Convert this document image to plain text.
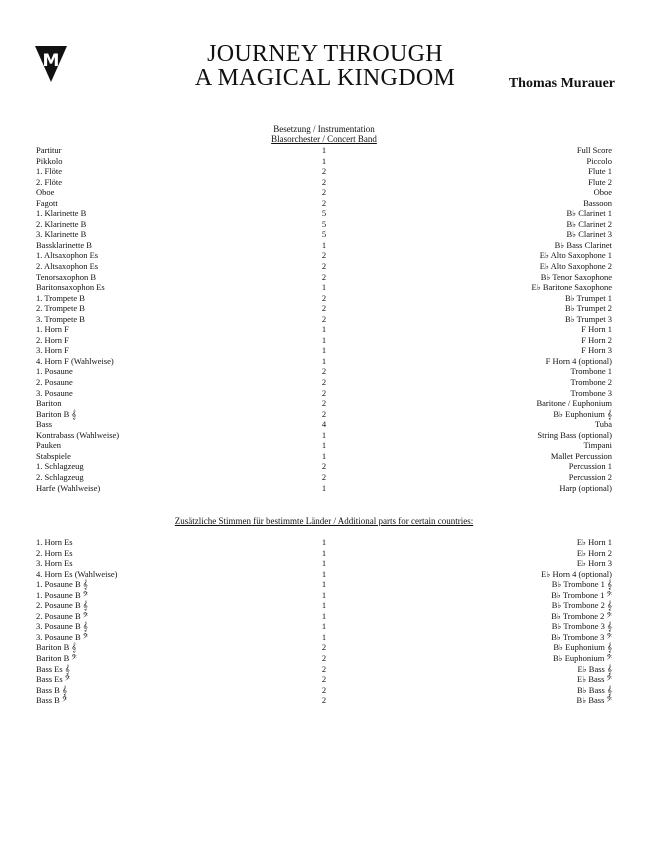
M	JOURNEY THROUGH
A MAGICAL KINGDOM	Thomas Murauer
Besetzung / Instrumentation
Blasorchester / Concert Band
Partitur	1	Full Score
Pikkolo	1	Piccolo
1. Flöte	2	Flute 1
2. Flöte	2	Flute 2
Oboe	2	Oboe
Fagott	2	Bassoon
1. Klarinette B	5	B♭ Clarinet 1
2. Klarinette B	5	B♭ Clarinet 2
3. Klarinette B	5	B♭ Clarinet 3
Bassklarinette B	1	B♭ Bass Clarinet
1. Altsaxophon Es	2	E♭ Alto Saxophone 1
2. Altsaxophon Es	2	E♭ Alto Saxophone 2
Tenorsaxophon B	2	B♭ Tenor Saxophone
Baritonsaxophon Es	1	E♭ Baritone Saxophone
1. Trompete B	2	B♭ Trumpet 1
2. Trompete B	2	B♭ Trumpet 2
3. Trompete B	2	B♭ Trumpet 3
1. Horn F	1	F Horn 1
2. Horn F	1	F Horn 2
3. Horn F	1	F Horn 3
4. Horn F (Wahlweise)	1	F Horn 4 (optional)
1. Posaune	2	Trombone 1
2. Posaune	2	Trombone 2
3. Posaune	2	Trombone 3
Bariton	2	Baritone / Euphonium
Bariton B 𝄞	2	B♭ Euphonium 𝄞
Bass	4	Tuba
Kontrabass (Wahlweise)	1	String Bass (optional)
Pauken	1	Timpani
Stabspiele	1	Mallet Percussion
1. Schlagzeug	2	Percussion 1
2. Schlagzeug	2	Percussion 2
Harfe (Wahlweise)	1	Harp (optional)
Zusätzliche Stimmen für bestimmte Länder / Additional parts for certain countries:
1. Horn Es	1	E♭ Horn 1
2. Horn Es	1	E♭ Horn 2
3. Horn Es	1	E♭ Horn 3
4. Horn Es (Wahlweise)	1	E♭ Horn 4 (optional)
1. Posaune B 𝄞	1	B♭ Trombone 1 𝄞
1. Posaune B 𝄢	1	B♭ Trombone 1 𝄢
2. Posaune B 𝄞	1	B♭ Trombone 2 𝄞
2. Posaune B 𝄢	1	B♭ Trombone 2 𝄢
3. Posaune B 𝄞	1	B♭ Trombone 3 𝄞
3. Posaune B 𝄢	1	B♭ Trombone 3 𝄢
Bariton B 𝄞	2	B♭ Euphonium 𝄞
Bariton B 𝄢	2	B♭ Euphonium 𝄢
Bass Es 𝄞	2	E♭ Bass 𝄞
Bass Es 𝄢	2	E♭ Bass 𝄢
Bass B 𝄞	2	B♭ Bass 𝄞
Bass B 𝄢	2	B♭ Bass 𝄢
